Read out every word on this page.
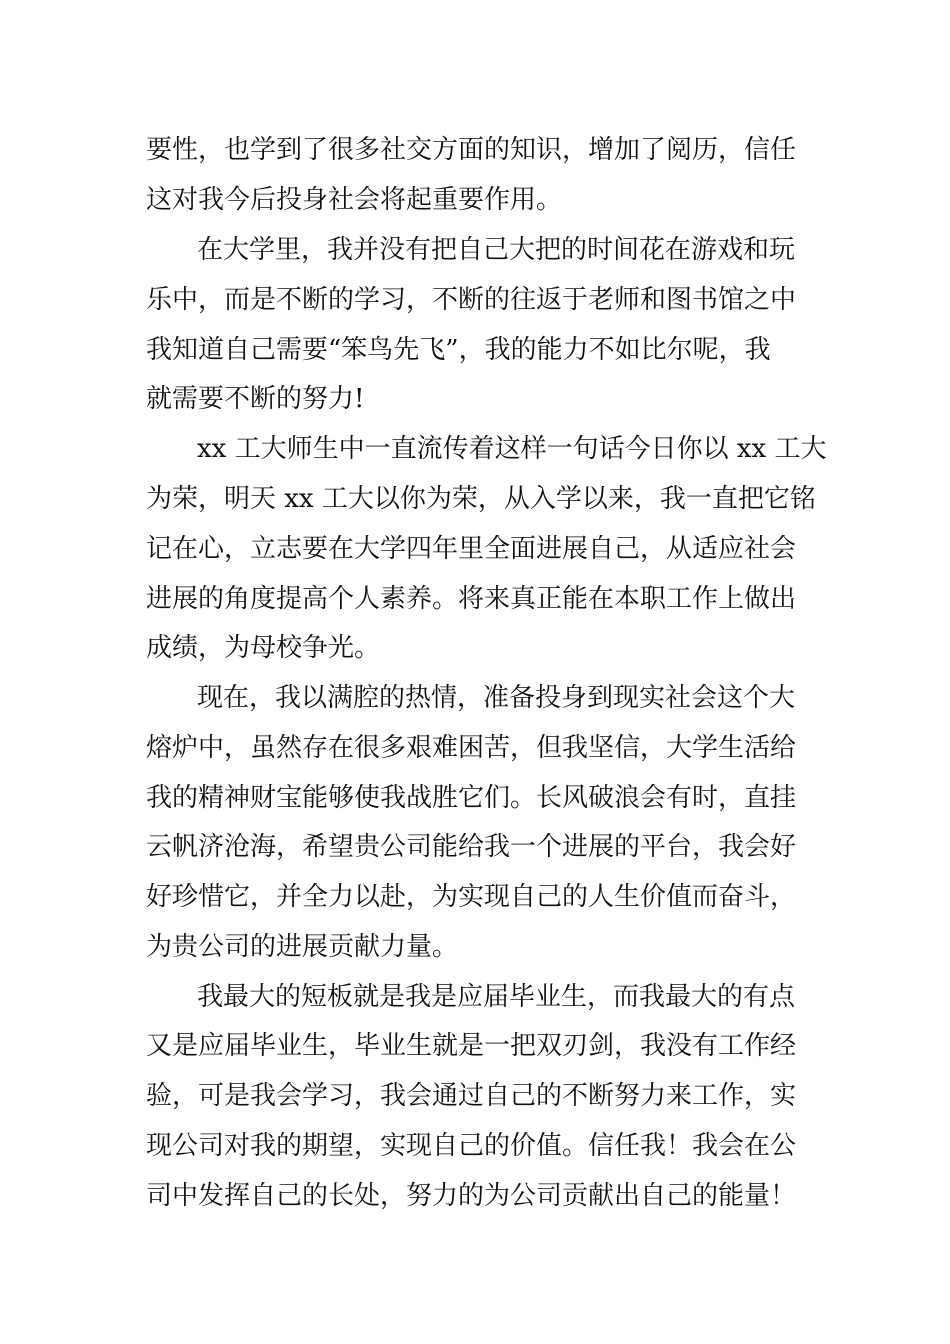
要性，也学到了很多社交方面的知识，增加了阅历，信任

这对我今后投身社会将起重要作用。

在大学里，我并没有把自己大把的时间花在游戏和玩

乐中，而是不断的学习，不断的往返于老师和图书馆之中

我知道自己需要“笨鸟先飞”，我的能力不如比尔呢，我

就需要不断的努力!

xx 工大师生中一直流传着这样一句话今日你以 xx 工大

为荣，明天 xx 工大以你为荣，从入学以来，我一直把它铭

记在心，立志要在大学四年里全面进展自己，从适应社会

进展的角度提高个人素养。将来真正能在本职工作上做出

成绩，为母校争光。

现在，我以满腔的热情，准备投身到现实社会这个大

熔炉中，虽然存在很多艰难困苦，但我坚信，大学生活给

我的精神财宝能够使我战胜它们。长风破浪会有时，直挂

云帆济沧海，希望贵公司能给我一个进展的平台，我会好

好珍惜它，并全力以赴，为实现自己的人生价值而奋斗，

为贵公司的进展贡献力量。

我最大的短板就是我是应届毕业生，而我最大的有点

又是应届毕业生，毕业生就是一把双刃剑，我没有工作经

验，可是我会学习，我会通过自己的不断努力来工作，实

现公司对我的期望，实现自己的价值。信任我！我会在公

司中发挥自己的长处，努力的为公司贡献出自己的能量！
